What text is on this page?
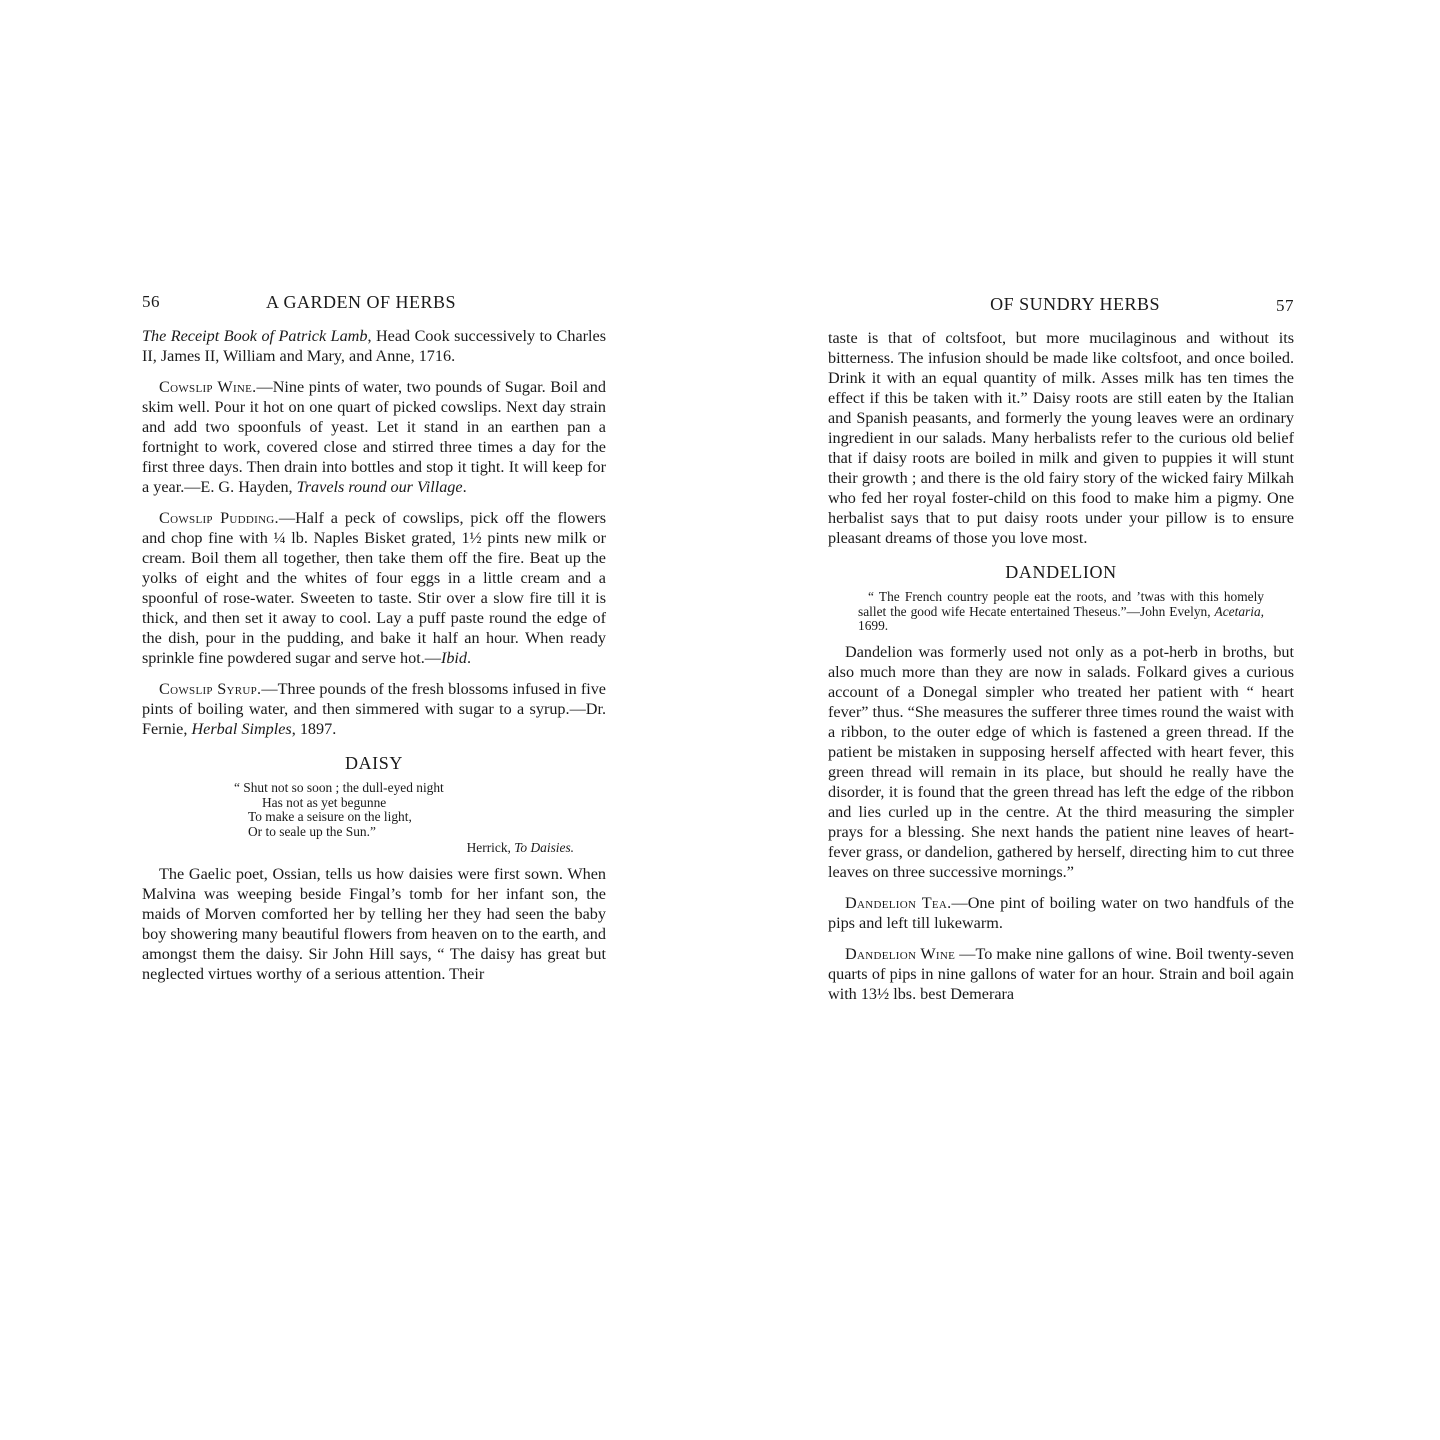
56	A GARDEN OF HERBS

The Receipt Book of Patrick Lamb, Head Cook successively to Charles II, James II, William and Mary, and Anne, 1716.

Cowslip Wine.—Nine pints of water, two pounds of Sugar. Boil and skim well. Pour it hot on one quart of picked cowslips. Next day strain and add two spoonfuls of yeast. Let it stand in an earthen pan a fortnight to work, covered close and stirred three times a day for the first three days. Then drain into bottles and stop it tight. It will keep for a year.—E. G. Hayden, Travels round our Village.

Cowslip Pudding.—Half a peck of cowslips, pick off the flowers and chop fine with ¼ lb. Naples Bisket grated, 1½ pints new milk or cream. Boil them all together, then take them off the fire. Beat up the yolks of eight and the whites of four eggs in a little cream and a spoonful of rose-water. Sweeten to taste. Stir over a slow fire till it is thick, and then set it away to cool. Lay a puff paste round the edge of the dish, pour in the pudding, and bake it half an hour. When ready sprinkle fine powdered sugar and serve hot.—Ibid.

Cowslip Syrup.—Three pounds of the fresh blossoms infused in five pints of boiling water, and then simmered with sugar to a syrup.—Dr. Fernie, Herbal Simples, 1897.

DAISY
“ Shut not so soon ; the dull-eyed night
Has not as yet begunne
To make a seisure on the light,
Or to seale up the Sun.”
Herrick, To Daisies.

The Gaelic poet, Ossian, tells us how daisies were first sown. When Malvina was weeping beside Fingal’s tomb for her infant son, the maids of Morven comforted her by telling her they had seen the baby boy showering many beautiful flowers from heaven on to the earth, and amongst them the daisy. Sir John Hill says, “ The daisy has great but neglected virtues worthy of a serious attention. Their

OF SUNDRY HERBS	57

taste is that of coltsfoot, but more mucilaginous and without its bitterness. The infusion should be made like coltsfoot, and once boiled. Drink it with an equal quantity of milk. Asses milk has ten times the effect if this be taken with it.” Daisy roots are still eaten by the Italian and Spanish peasants, and formerly the young leaves were an ordinary ingredient in our salads. Many herbalists refer to the curious old belief that if daisy roots are boiled in milk and given to puppies it will stunt their growth ; and there is the old fairy story of the wicked fairy Milkah who fed her royal foster-child on this food to make him a pigmy. One herbalist says that to put daisy roots under your pillow is to ensure pleasant dreams of those you love most.

DANDELION
“ The French country people eat the roots, and ’twas with this homely sallet the good wife Hecate entertained Theseus.”—John Evelyn, Acetaria, 1699.

Dandelion was formerly used not only as a pot-herb in broths, but also much more than they are now in salads. Folkard gives a curious account of a Donegal simpler who treated her patient with “ heart fever” thus. “She measures the sufferer three times round the waist with a ribbon, to the outer edge of which is fastened a green thread. If the patient be mistaken in supposing herself affected with heart fever, this green thread will remain in its place, but should he really have the disorder, it is found that the green thread has left the edge of the ribbon and lies curled up in the centre. At the third measuring the simpler prays for a blessing. She next hands the patient nine leaves of heart-fever grass, or dandelion, gathered by herself, directing him to cut three leaves on three successive mornings.”

Dandelion Tea.—One pint of boiling water on two handfuls of the pips and left till lukewarm.

Dandelion Wine —To make nine gallons of wine. Boil twenty-seven quarts of pips in nine gallons of water for an hour. Strain and boil again with 13½ lbs. best Demerara
